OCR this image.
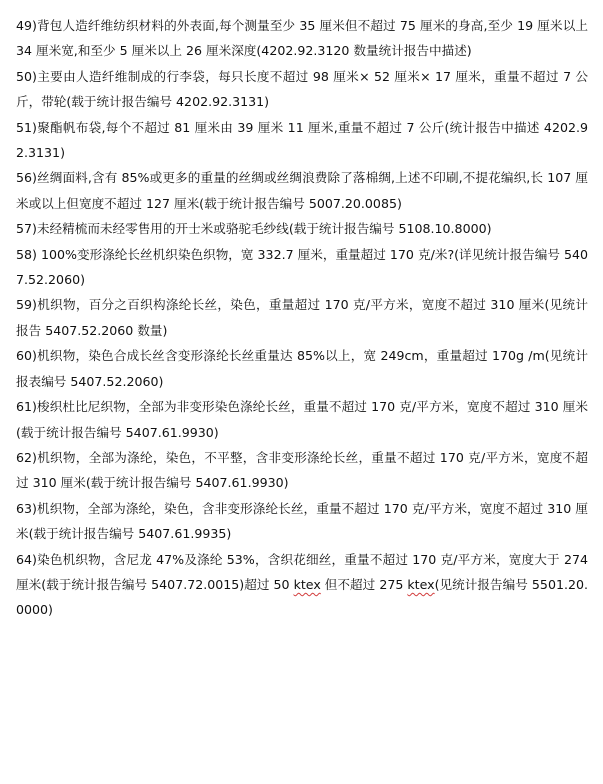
49)背包人造纤维纺织材料的外表面,每个测量至少 35 厘米但不超过 75 厘米的身高,至少 19 厘米以上 34 厘米宽,和至少 5 厘米以上 26 厘米深度(4202.92.3120 数量统计报告中描述)

50)主要由人造纤维制成的行李袋，每只长度不超过 98 厘米× 52 厘米× 17 厘米，重量不超过 7 公斤，带轮(载于统计报告编号 4202.92.3131)

51)聚酯帆布袋,每个不超过 81 厘米由 39 厘米 11 厘米,重量不超过 7 公斤(统计报告中描述 4202.92.3131)

56)丝绸面料,含有 85%或更多的重量的丝绸或丝绸浪费除了落棉绸,上述不印刷,不提花编织,长 107 厘米或以上但宽度不超过 127 厘米(载于统计报告编号 5007.20.0085)

57)未经精梳而未经零售用的开士米或骆驼毛纱线(载于统计报告编号 5108.10.8000)

58) 100%变形涤纶长丝机织染色织物，宽 332.7 厘米，重量超过 170 克/米?(详见统计报告编号 5407.52.2060)

59)机织物，百分之百织构涤纶长丝，染色，重量超过 170 克/平方米，宽度不超过 310 厘米(见统计报告 5407.52.2060 数量)

60)机织物，染色合成长丝含变形涤纶长丝重量达 85%以上，宽 249cm，重量超过 170g /m(见统计报表编号 5407.52.2060)

61)梭织杜比尼织物，全部为非变形染色涤纶长丝，重量不超过 170 克/平方米，宽度不超过 310 厘米(载于统计报告编号 5407.61.9930)

62)机织物，全部为涤纶，染色，不平整，含非变形涤纶长丝，重量不超过 170 克/平方米，宽度不超过 310 厘米(载于统计报告编号 5407.61.9930)

63)机织物，全部为涤纶，染色，含非变形涤纶长丝，重量不超过 170 克/平方米，宽度不超过 310 厘米(载于统计报告编号 5407.61.9935)

64)染色机织物，含尼龙 47%及涤纶 53%，含织花细丝，重量不超过 170 克/平方米，宽度大于 274 厘米(载于统计报告编号 5407.72.0015)超过 50 ktex 但不超过 275 ktex(见统计报告编号 5501.20.0000)
